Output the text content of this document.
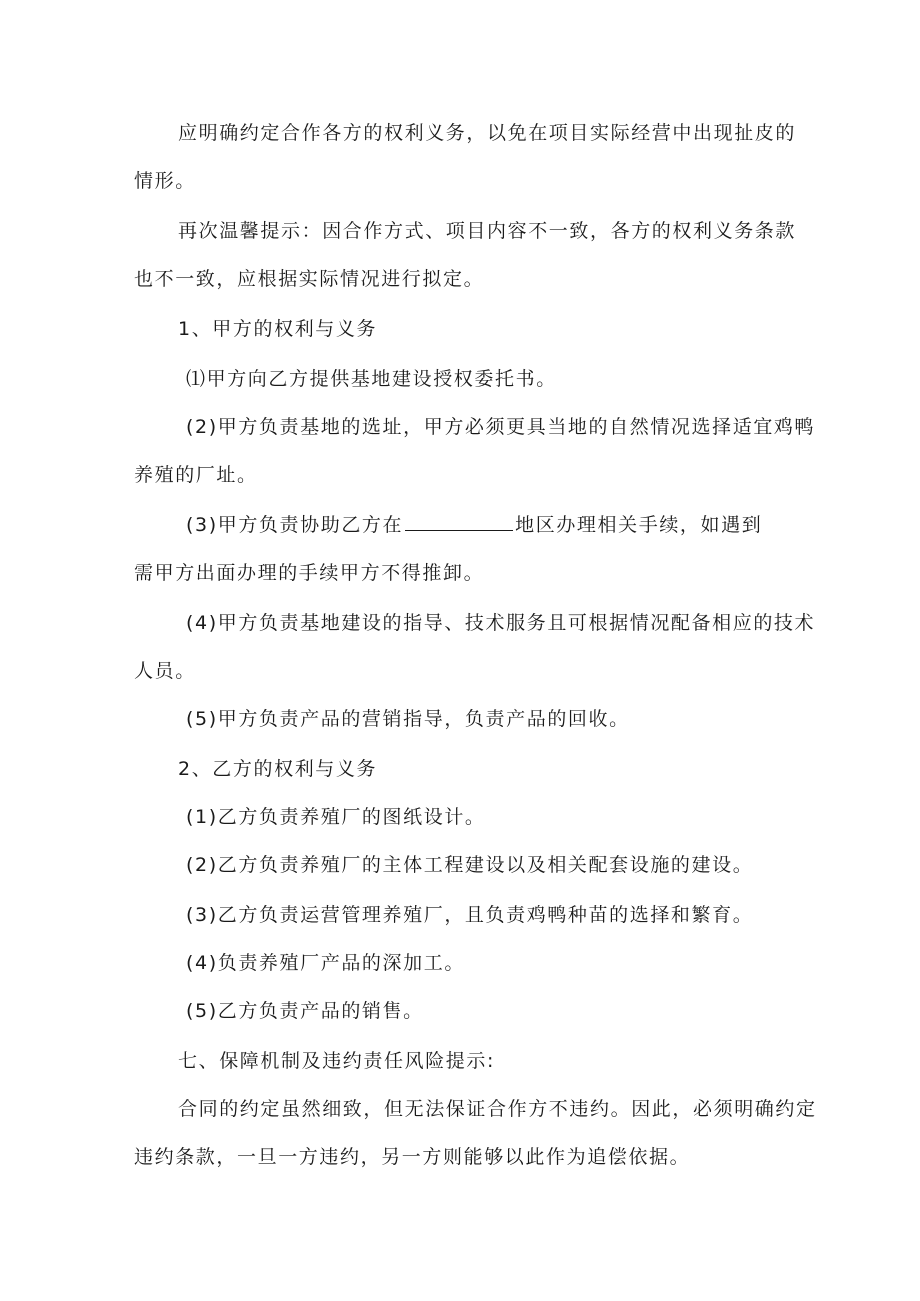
应明确约定合作各方的权利义务，以免在项目实际经营中出现扯皮的

情形。

再次温馨提示：因合作方式、项目内容不一致，各方的权利义务条款

也不一致，应根据实际情况进行拟定。

1、甲方的权利与义务

⑴甲方向乙方提供基地建设授权委托书。

(2)甲方负责基地的选址，甲方必须更具当地的自然情况选择适宜鸡鸭

养殖的厂址。

(3)甲方负责协助乙方在	地区办理相关手续，如遇到

需甲方出面办理的手续甲方不得推卸。

(4)甲方负责基地建设的指导、技术服务且可根据情况配备相应的技术

人员。

(5)甲方负责产品的营销指导，负责产品的回收。

2、乙方的权利与义务

(1)乙方负责养殖厂的图纸设计。

(2)乙方负责养殖厂的主体工程建设以及相关配套设施的建设。

(3)乙方负责运营管理养殖厂，且负责鸡鸭种苗的选择和繁育。

(4)负责养殖厂产品的深加工。

(5)乙方负责产品的销售。

七、保障机制及违约责任风险提示:

合同的约定虽然细致，但无法保证合作方不违约。因此，必须明确约定

违约条款，一旦一方违约，另一方则能够以此作为追偿依据。
